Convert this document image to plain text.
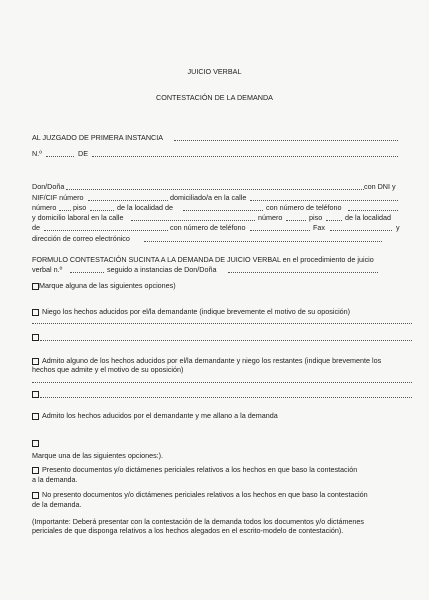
JUICIO VERBAL
CONTESTACIÓN DE LA DEMANDA
AL JUZGADO DE PRIMERA INSTANCIA
N.º	DE
Don/Doña	con DNI y
NIF/CIF número	domiciliado/a en la calle
número piso	de la localidad de	con número de teléfono
y domicilio laboral en la calle	número	piso	de la localidad
de	con número de teléfono	Fax	y
dirección de correo electrónico
FORMULO CONTESTACIÓN SUCINTA A LA DEMANDA DE JUICIO VERBAL en el procedimiento de juicio
verbal n.º	seguido a instancias de Don/Doña
Marque alguna de las siguientes opciones)
Niego los hechos aducidos por el/la demandante (indique brevemente el motivo de su oposición)
Admito alguno de los hechos aducidos por el/la demandante y niego los restantes (indique brevemente los
hechos que admite y el motivo de su oposición)
Admito los hechos aducidos por el demandante y me allano a la demanda
Marque una de las siguientes opciones:).
Presento documentos y/o dictámenes periciales relativos a los hechos en que baso la contestación
a la demanda.
No presento documentos y/o dictámenes periciales relativos a los hechos en que baso la contestación
de la demanda.
(Importante: Deberá presentar con la contestación de la demanda todos los documentos y/o dictámenes
periciales de que disponga relativos a los hechos alegados en el escrito-modelo de contestación).
